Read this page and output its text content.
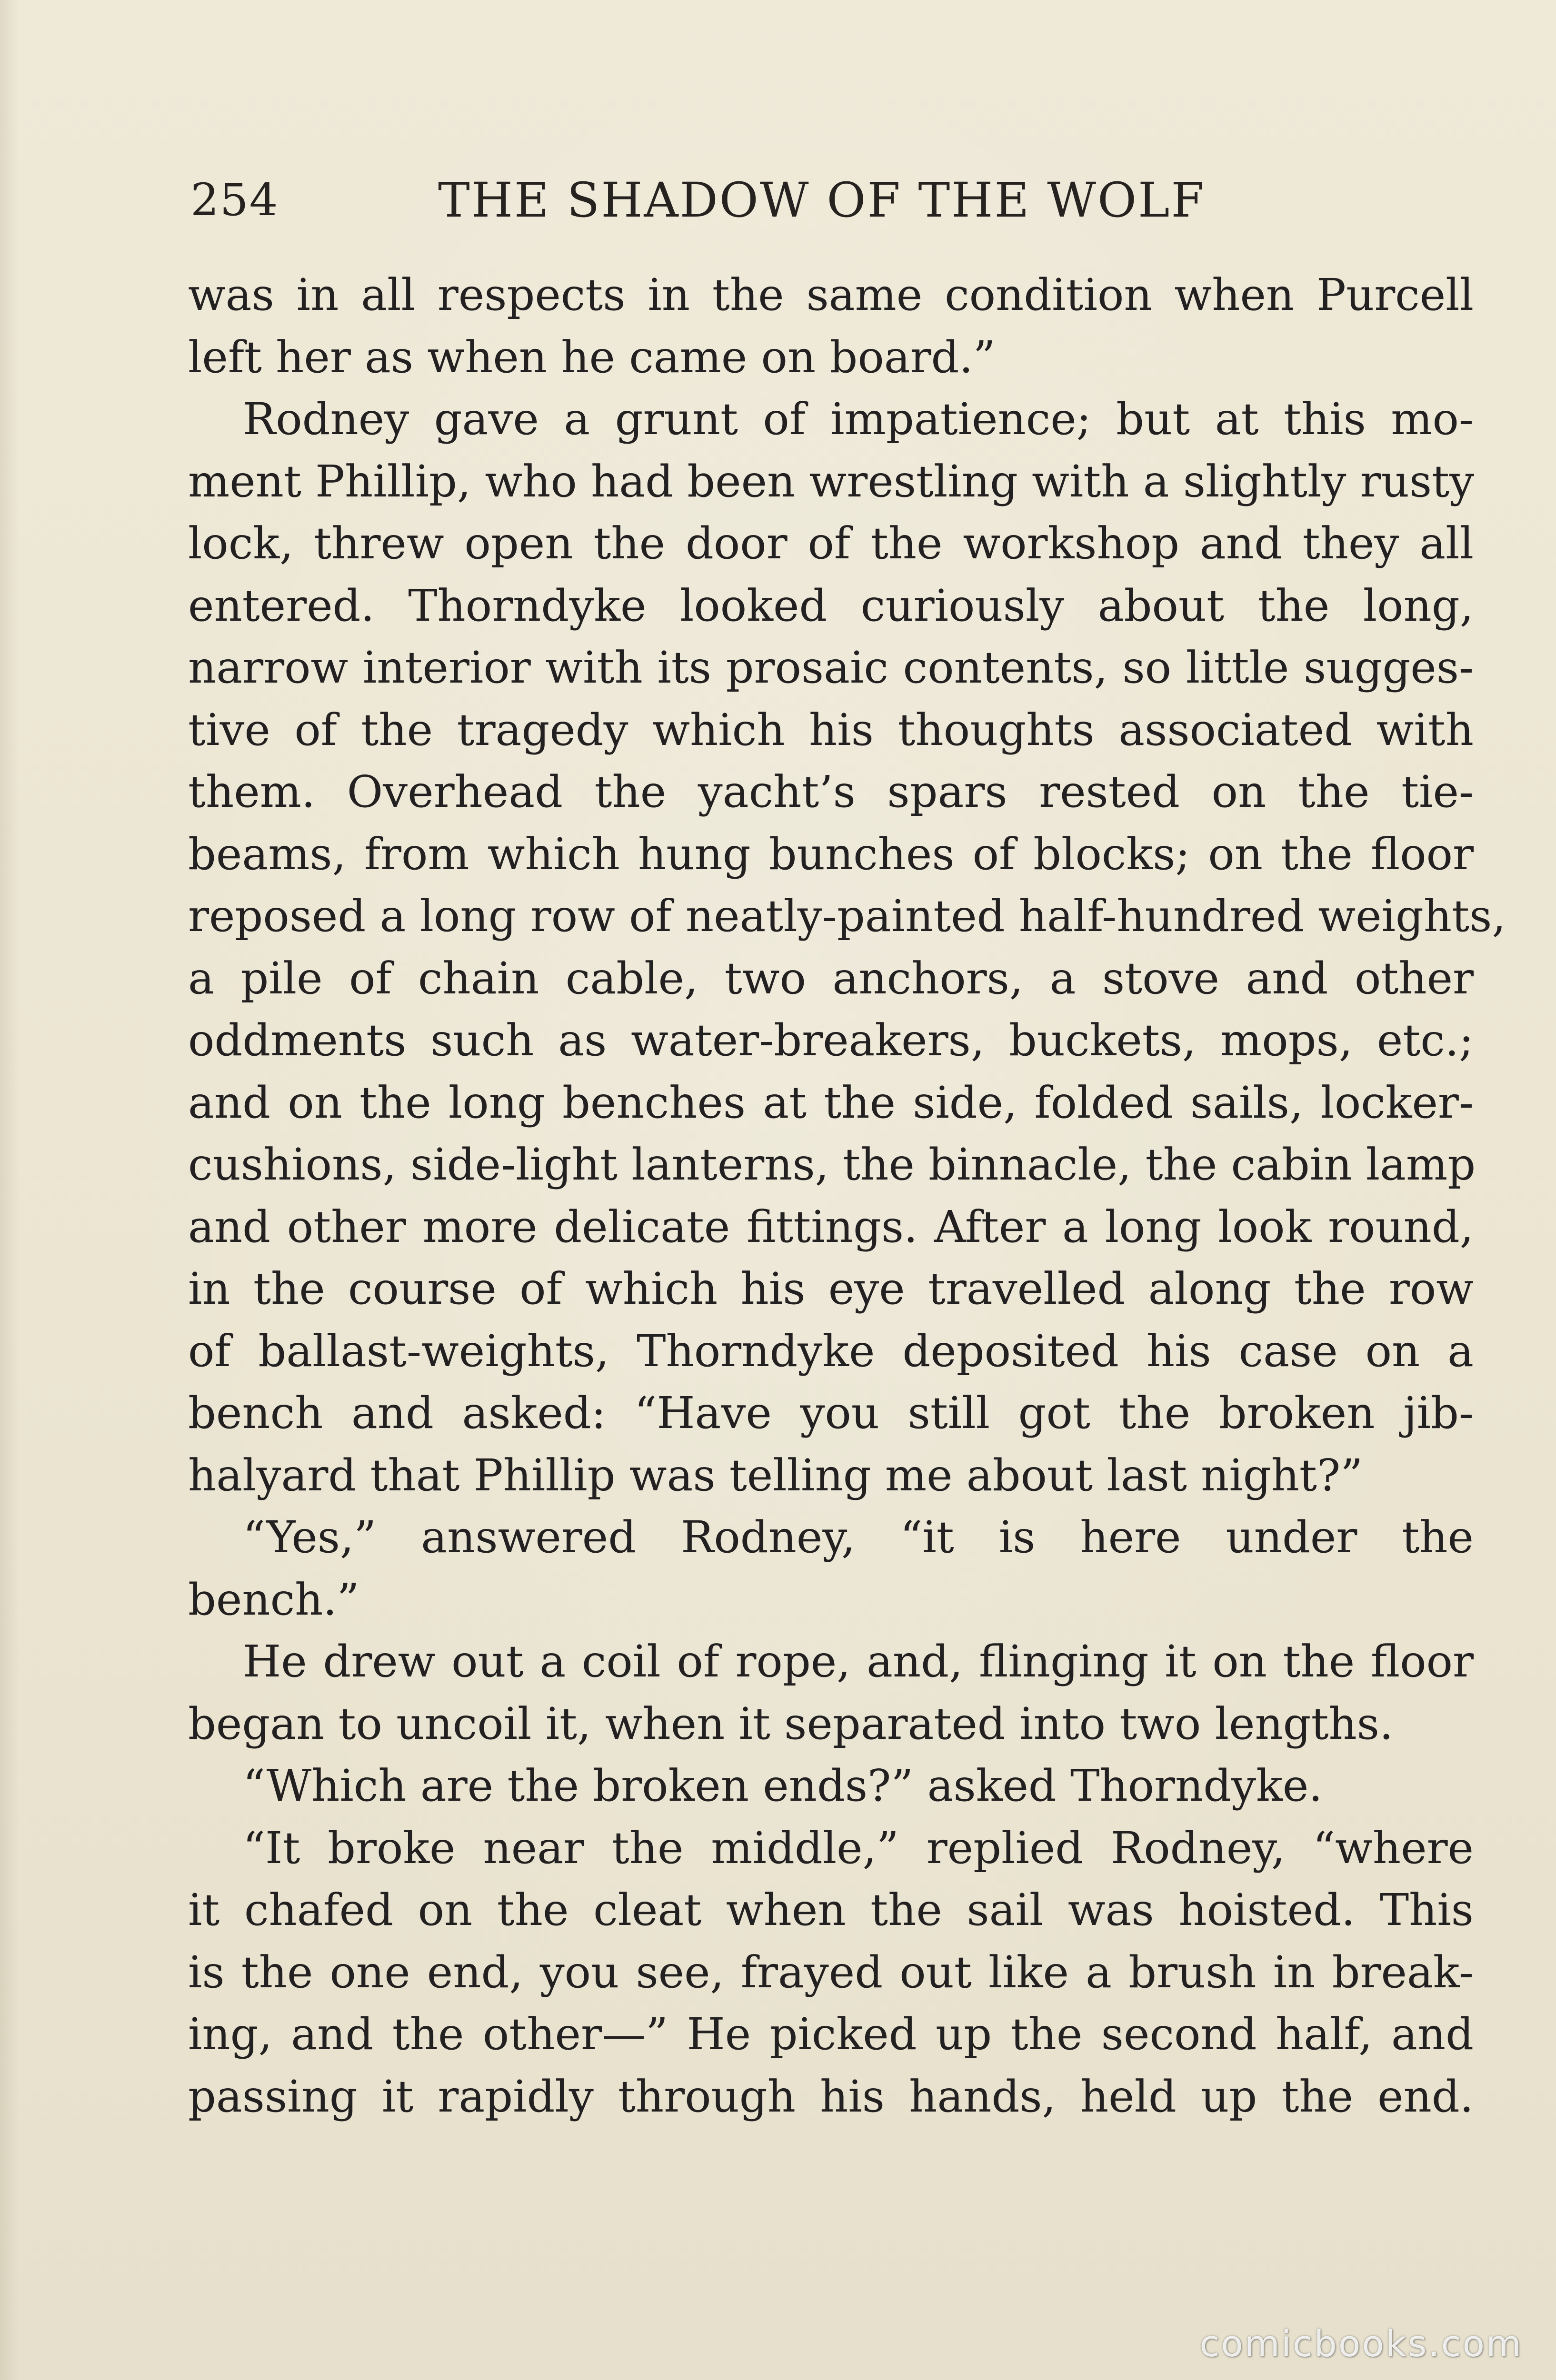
254	THE SHADOW OF THE WOLF
was in all respects in the same condition when Purcell
left her as when he came on board.”
Rodney gave a grunt of impatience; but at this mo-
ment Phillip, who had been wrestling with a slightly rusty
lock, threw open the door of the workshop and they all
entered. Thorndyke looked curiously about the long,
narrow interior with its prosaic contents, so little sugges-
tive of the tragedy which his thoughts associated with
them. Overhead the yacht’s spars rested on the tie-
beams, from which hung bunches of blocks; on the floor
reposed a long row of neatly-painted half-hundred weights,
a pile of chain cable, two anchors, a stove and other
oddments such as water-breakers, buckets, mops, etc.;
and on the long benches at the side, folded sails, locker-
cushions, side-light lanterns, the binnacle, the cabin lamp
and other more delicate fittings. After a long look round,
in the course of which his eye travelled along the row
of ballast-weights, Thorndyke deposited his case on a
bench and asked: “Have you still got the broken jib-
halyard that Phillip was telling me about last night?”
“Yes,” answered Rodney, “it is here under the
bench.”
He drew out a coil of rope, and, flinging it on the floor
began to uncoil it, when it separated into two lengths.
“Which are the broken ends?” asked Thorndyke.
“It broke near the middle,” replied Rodney, “where
it chafed on the cleat when the sail was hoisted. This
is the one end, you see, frayed out like a brush in break-
ing, and the other—” He picked up the second half, and
passing it rapidly through his hands, held up the end.
comicbooks.com
